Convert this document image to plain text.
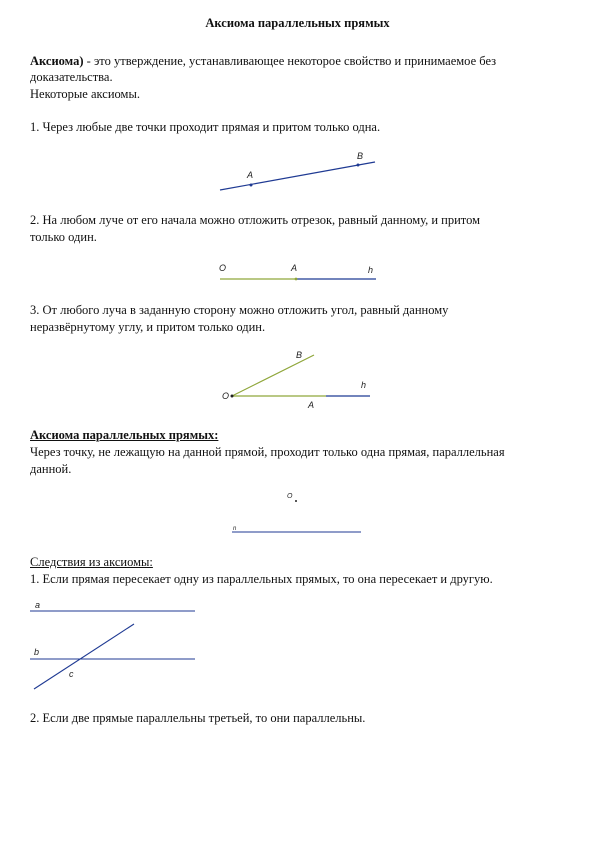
Аксиома параллельных прямых
Аксиома) - это утверждение, устанавливающее некоторое свойство и принимаемое без
доказательства.
Некоторые аксиомы.
1. Через любые две точки проходит прямая и притом только одна.
A
B
2. На любом луче от его начала можно отложить отрезок, равный данному, и притом
только один.
O	A	h
3. От любого луча в заданную сторону можно отложить угол, равный данному
неразвёрнутому углу, и притом только один.
B
h
O
A
Аксиома параллельных прямых:
Через точку, не лежащую на данной прямой, проходит только одна прямая, параллельная
данной.
O
n
Следствия из аксиомы:
1. Если прямая пересекает одну из параллельных прямых, то она пересекает и другую.
a
b
c
2. Если две прямые параллельны третьей, то они параллельны.
